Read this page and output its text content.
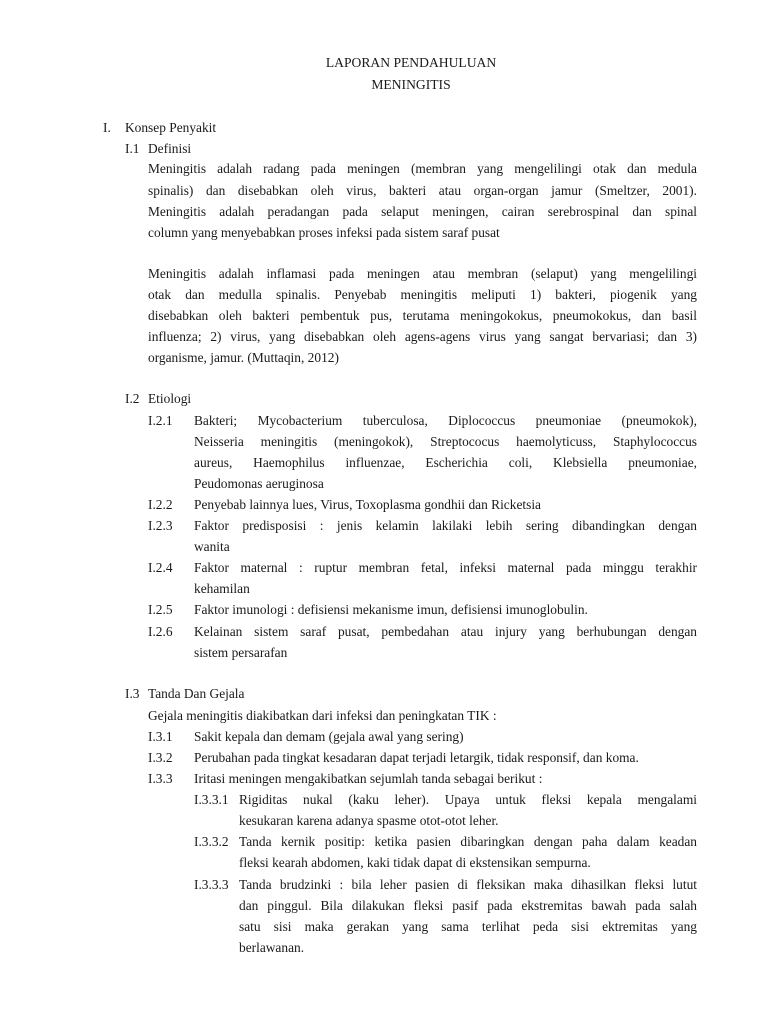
LAPORAN PENDAHULUAN
MENINGITIS
I. Konsep Penyakit
I.1 Definisi
Meningitis adalah radang pada meningen (membran yang mengelilingi otak dan medula
spinalis) dan disebabkan oleh virus, bakteri atau organ-organ jamur (Smeltzer, 2001).
Meningitis adalah peradangan pada selaput meningen, cairan serebrospinal dan spinal
column yang menyebabkan proses infeksi pada sistem saraf pusat
Meningitis adalah inflamasi pada meningen atau membran (selaput) yang mengelilingi
otak dan medulla spinalis. Penyebab meningitis meliputi 1) bakteri, piogenik yang
disebabkan oleh bakteri pembentuk pus, terutama meningokokus, pneumokokus, dan basil
influenza; 2) virus, yang disebabkan oleh agens-agens virus yang sangat bervariasi; dan 3)
organisme, jamur. (Muttaqin, 2012)
I.2 Etiologi
I.2.1 Bakteri; Mycobacterium tuberculosa, Diplococcus pneumoniae (pneumokok),
Neisseria meningitis (meningokok), Streptococus haemolyticuss, Staphylococcus
aureus, Haemophilus influenzae, Escherichia coli, Klebsiella pneumoniae,
Peudomonas aeruginosa
I.2.2 Penyebab lainnya lues, Virus, Toxoplasma gondhii dan Ricketsia
I.2.3 Faktor predisposisi : jenis kelamin lakilaki lebih sering dibandingkan dengan
wanita
I.2.4 Faktor maternal : ruptur membran fetal, infeksi maternal pada minggu terakhir
kehamilan
I.2.5 Faktor imunologi : defisiensi mekanisme imun, defisiensi imunoglobulin.
I.2.6 Kelainan sistem saraf pusat, pembedahan atau injury yang berhubungan dengan
sistem persarafan
I.3 Tanda Dan Gejala
Gejala meningitis diakibatkan dari infeksi dan peningkatan TIK :
I.3.1 Sakit kepala dan demam (gejala awal yang sering)
I.3.2 Perubahan pada tingkat kesadaran dapat terjadi letargik, tidak responsif, dan koma.
I.3.3 Iritasi meningen mengakibatkan sejumlah tanda sebagai berikut :
I.3.3.1 Rigiditas nukal (kaku leher). Upaya untuk fleksi kepala mengalami
kesukaran karena adanya spasme otot-otot leher.
I.3.3.2 Tanda kernik positip: ketika pasien dibaringkan dengan paha dalam keadan
fleksi kearah abdomen, kaki tidak dapat di ekstensikan sempurna.
I.3.3.3 Tanda brudzinki : bila leher pasien di fleksikan maka dihasilkan fleksi lutut
dan pinggul. Bila dilakukan fleksi pasif pada ekstremitas bawah pada salah
satu sisi maka gerakan yang sama terlihat peda sisi ektremitas yang
berlawanan.
